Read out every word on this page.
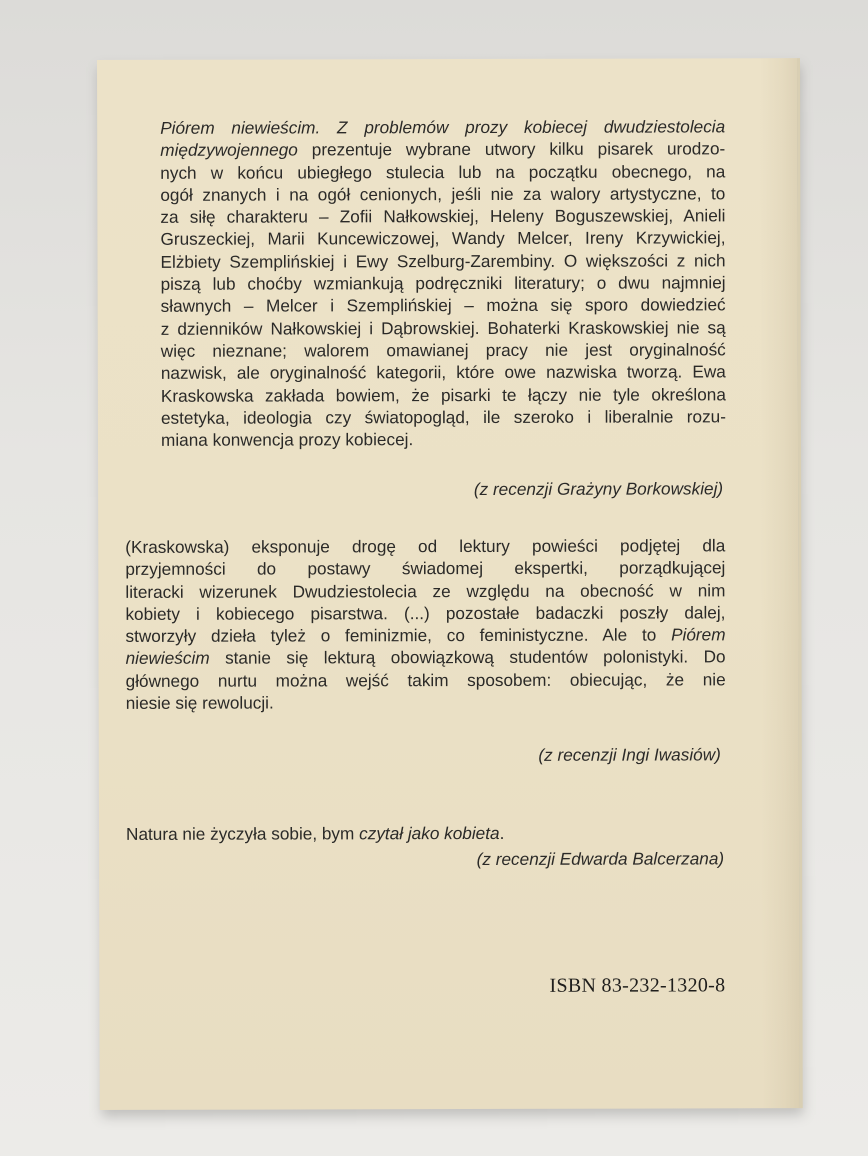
Piórem niewieścim. Z problemów prozy kobiecej dwudziestolecia
międzywojennego prezentuje wybrane utwory kilku pisarek urodzo-
nych w końcu ubiegłego stulecia lub na początku obecnego, na
ogół znanych i na ogół cenionych, jeśli nie za walory artystyczne, to
za siłę charakteru – Zofii Nałkowskiej, Heleny Boguszewskiej, Anieli
Gruszeckiej, Marii Kuncewiczowej, Wandy Melcer, Ireny Krzywickiej,
Elżbiety Szemplińskiej i Ewy Szelburg-Zarembiny. O większości z nich
piszą lub choćby wzmiankują podręczniki literatury; o dwu najmniej
sławnych – Melcer i Szemplińskiej – można się sporo dowiedzieć
z dzienników Nałkowskiej i Dąbrowskiej. Bohaterki Kraskowskiej nie są
więc nieznane; walorem omawianej pracy nie jest oryginalność
nazwisk, ale oryginalność kategorii, które owe nazwiska tworzą. Ewa
Kraskowska zakłada bowiem, że pisarki te łączy nie tyle określona
estetyka, ideologia czy światopogląd, ile szeroko i liberalnie rozu-
miana konwencja prozy kobiecej.
(z recenzji Grażyny Borkowskiej)
(Kraskowska) eksponuje drogę od lektury powieści podjętej dla
przyjemności do postawy świadomej ekspertki, porządkującej
literacki wizerunek Dwudziestolecia ze względu na obecność w nim
kobiety i kobiecego pisarstwa. (...) pozostałe badaczki poszły dalej,
stworzyły dzieła tyleż o feminizmie, co feministyczne. Ale to Piórem
niewieścim stanie się lekturą obowiązkową studentów polonistyki. Do
głównego nurtu można wejść takim sposobem: obiecując, że nie
niesie się rewolucji.
(z recenzji Ingi Iwasiów)
Natura nie życzyła sobie, bym czytał jako kobieta.
(z recenzji Edwarda Balcerzana)
ISBN 83-232-1320-8
